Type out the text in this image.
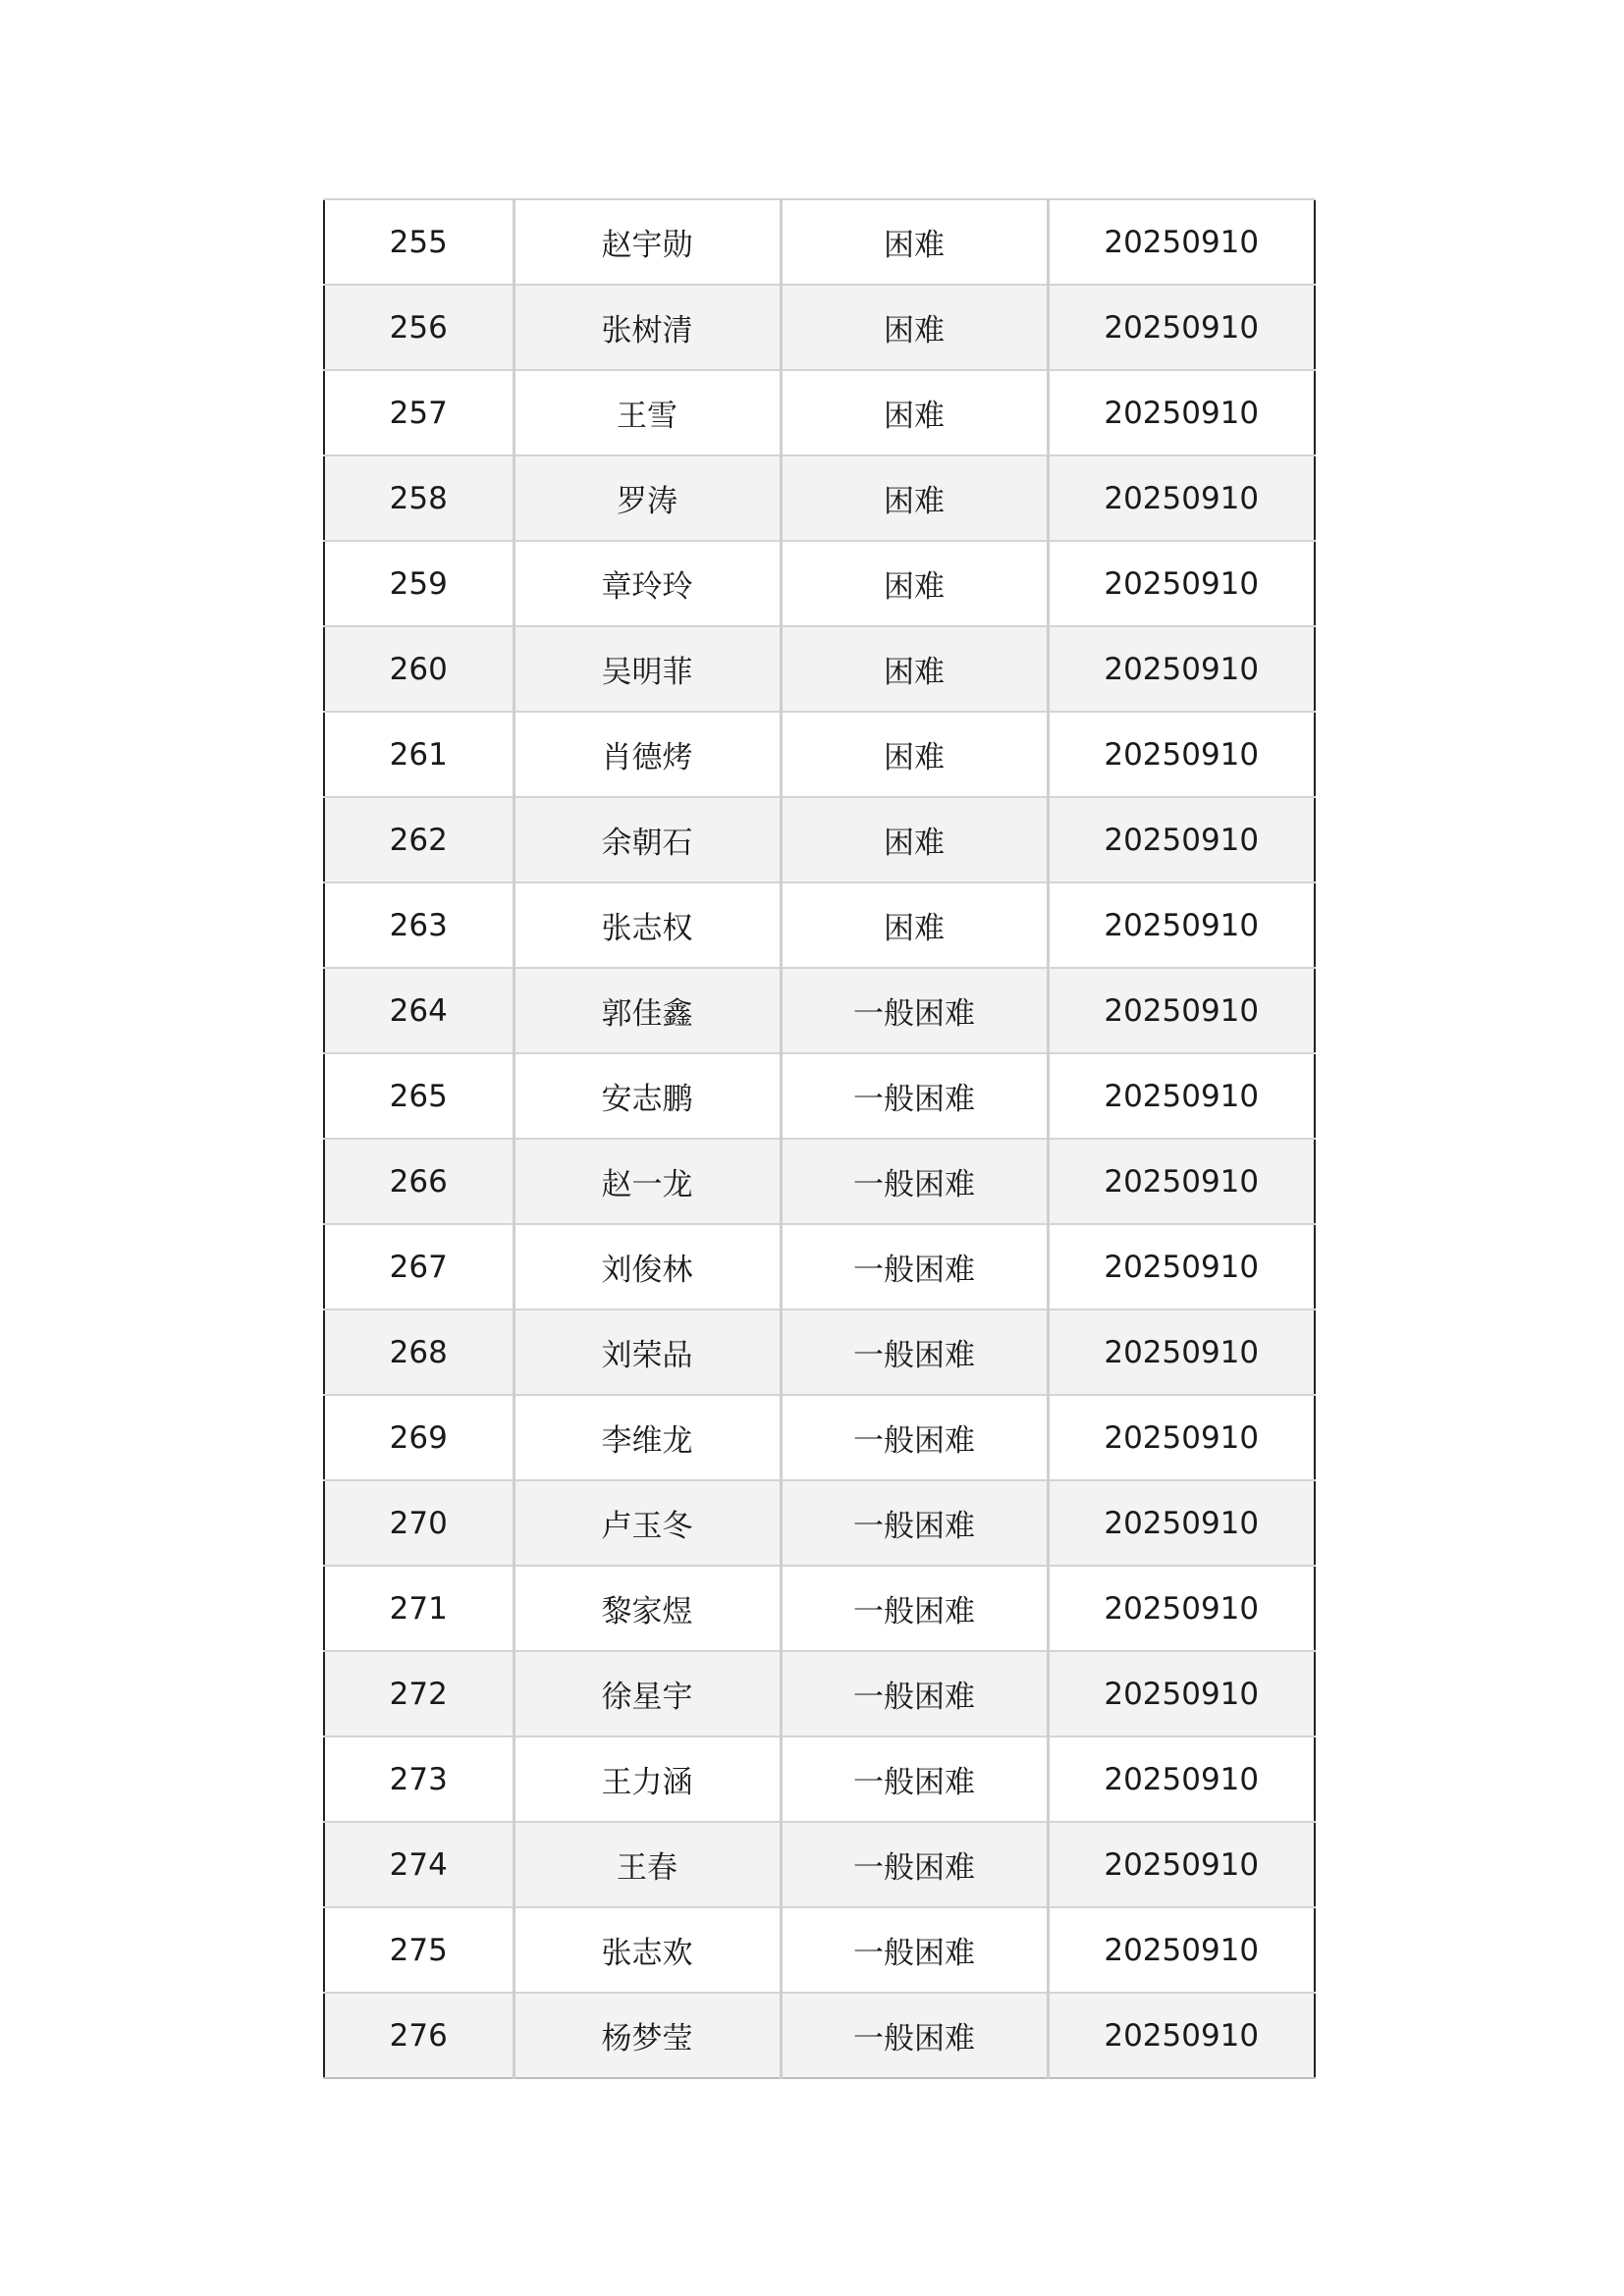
255	赵宇勋	困难	20250910
256	张树清	困难	20250910
257	王雪	困难	20250910
258	罗涛	困难	20250910
259	章玲玲	困难	20250910
260	吴明菲	困难	20250910
261	肖德烤	困难	20250910
262	余朝石	困难	20250910
263	张志权	困难	20250910
264	郭佳鑫	一般困难	20250910
265	安志鹏	一般困难	20250910
266	赵一龙	一般困难	20250910
267	刘俊林	一般困难	20250910
268	刘荣品	一般困难	20250910
269	李维龙	一般困难	20250910
270	卢玉冬	一般困难	20250910
271	黎家煜	一般困难	20250910
272	徐星宇	一般困难	20250910
273	王力涵	一般困难	20250910
274	王春	一般困难	20250910
275	张志欢	一般困难	20250910
276	杨梦莹	一般困难	20250910
